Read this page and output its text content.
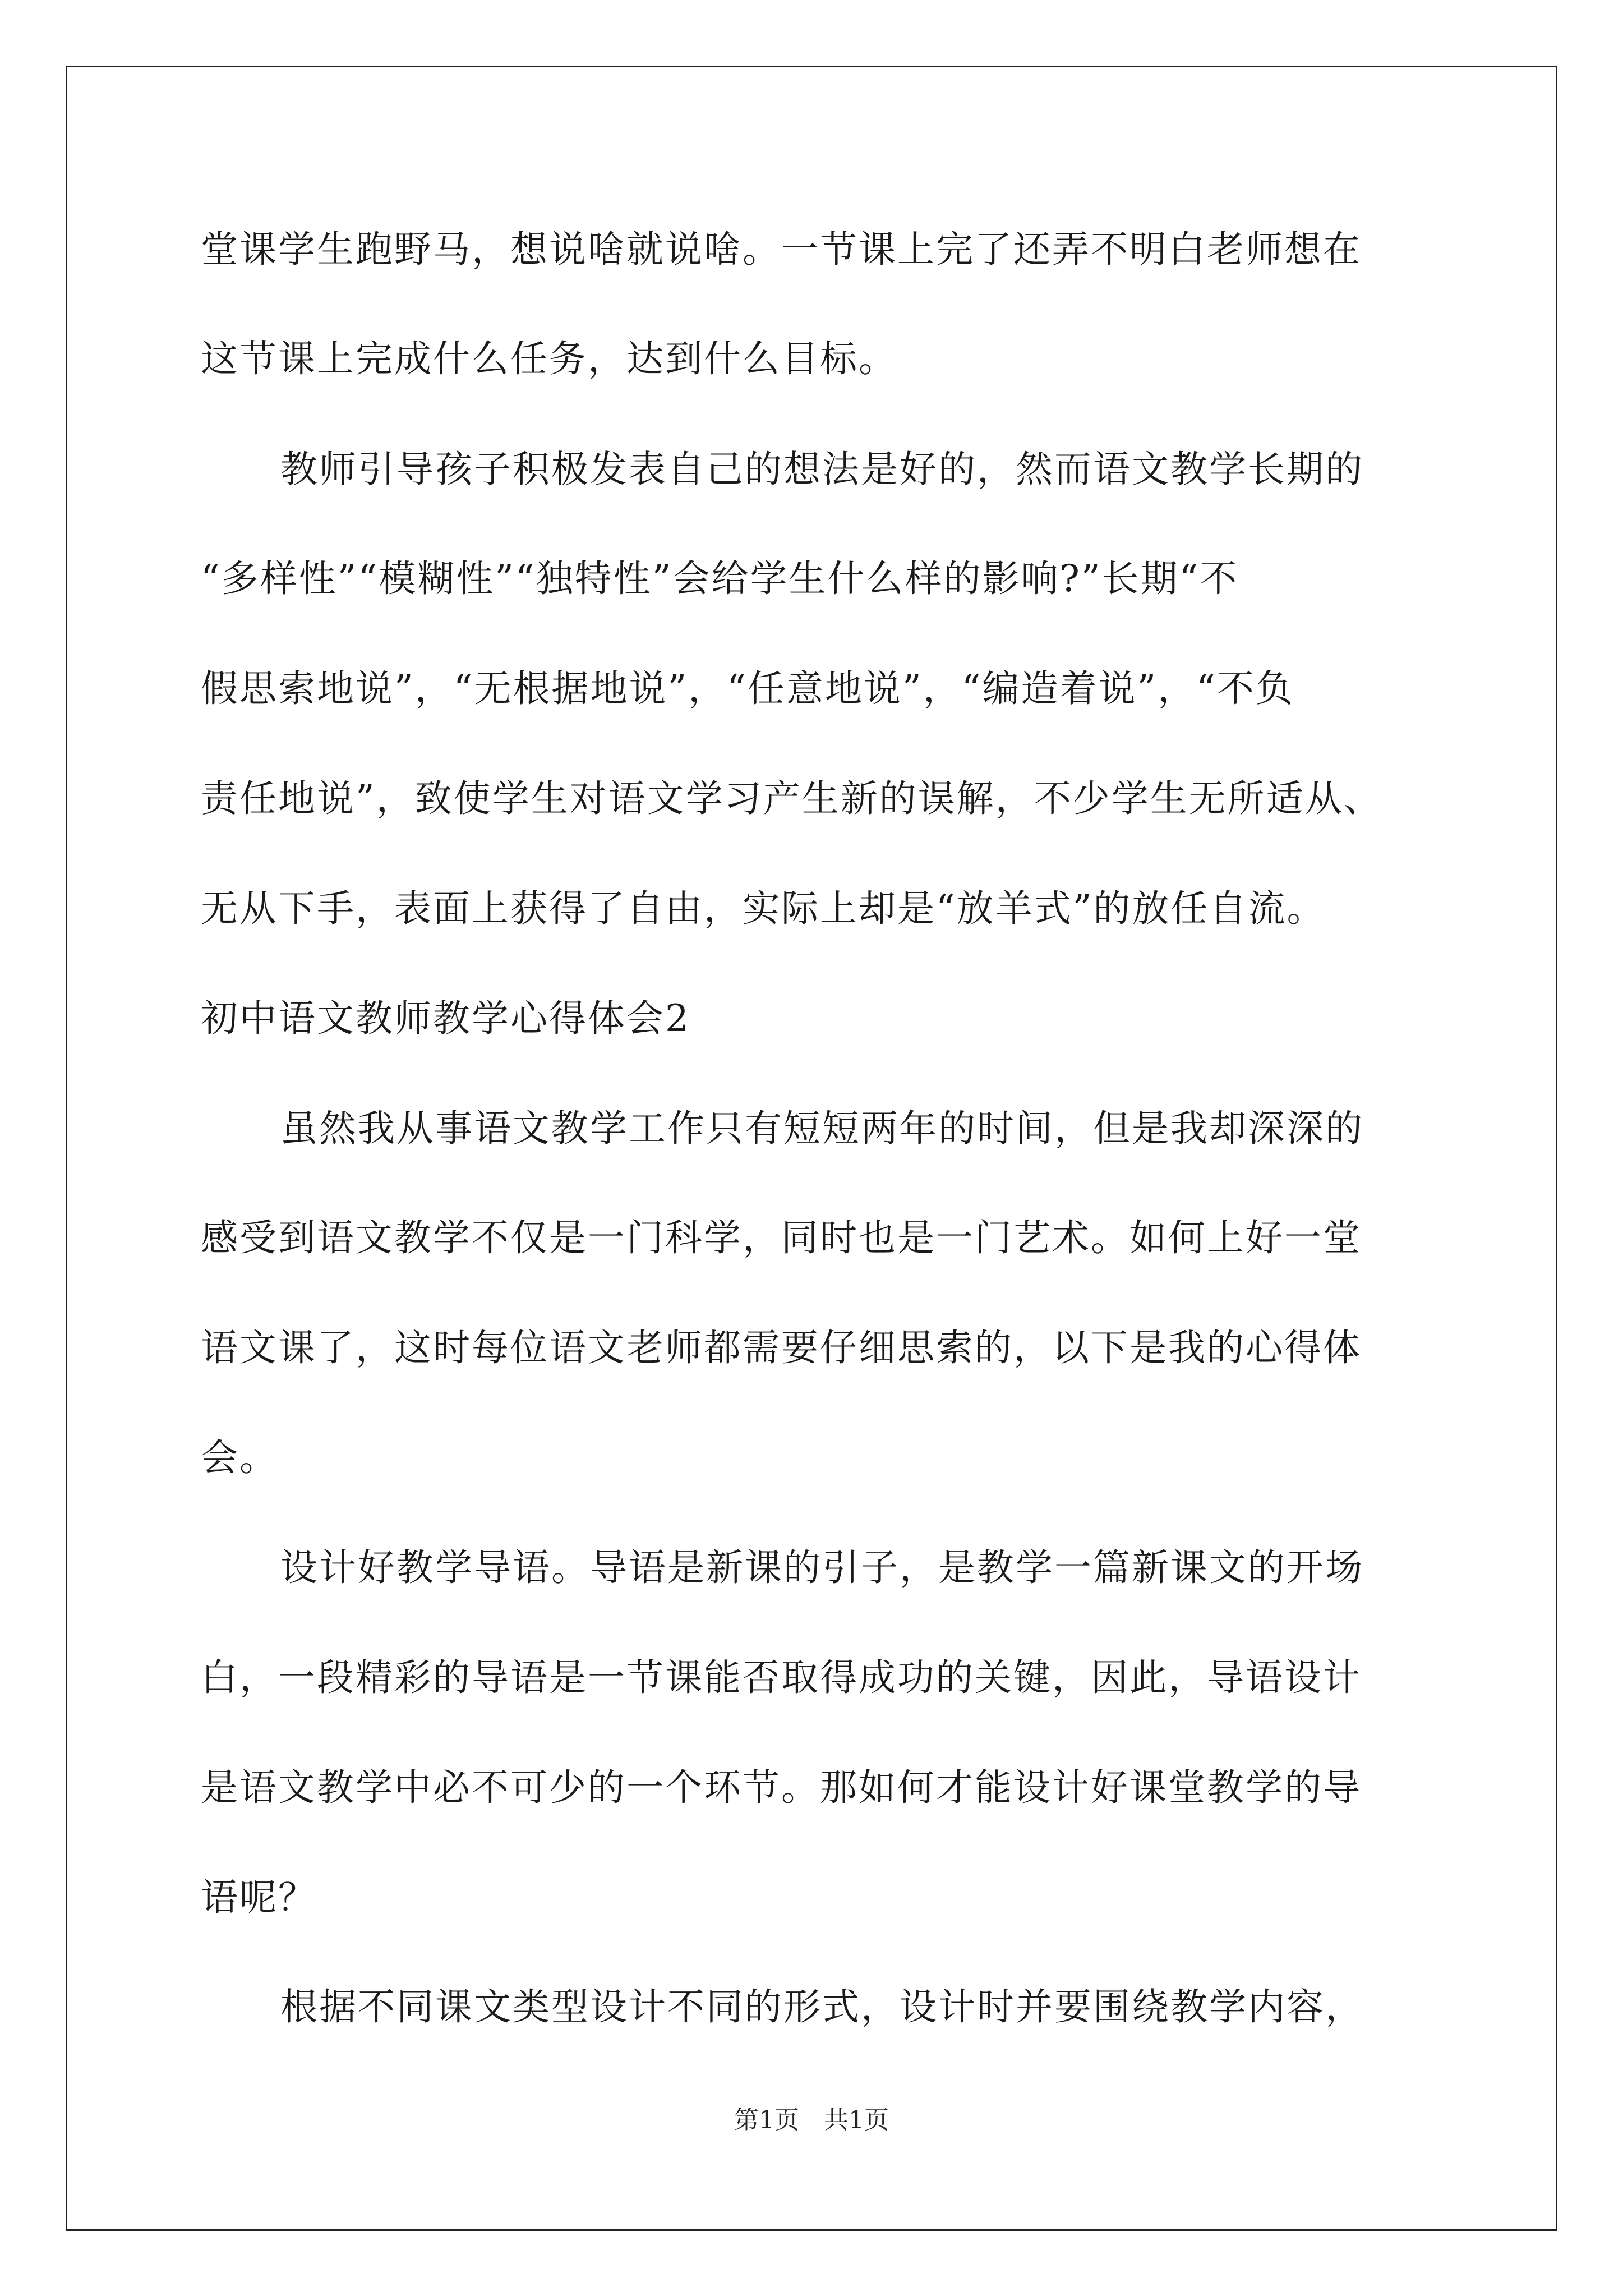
堂课学生跑野马，想说啥就说啥。一节课上完了还弄不明白老师想在
这节课上完成什么任务，达到什么目标。
教师引导孩子积极发表自己的想法是好的，然而语文教学长期的
“多样性”“模糊性”“独特性”会给学生什么样的影响?”长期“不
假思索地说”，“无根据地说”，“任意地说”，“编造着说”，“不负
责任地说”，致使学生对语文学习产生新的误解，不少学生无所适从、
无从下手，表面上获得了自由，实际上却是“放羊式”的放任自流。
初中语文教师教学心得体会2
虽然我从事语文教学工作只有短短两年的时间，但是我却深深的
感受到语文教学不仅是一门科学，同时也是一门艺术。如何上好一堂
语文课了，这时每位语文老师都需要仔细思索的，以下是我的心得体
会。
设计好教学导语。导语是新课的引子，是教学一篇新课文的开场
白，一段精彩的导语是一节课能否取得成功的关键，因此，导语设计
是语文教学中必不可少的一个环节。那如何才能设计好课堂教学的导
语呢？
根据不同课文类型设计不同的形式，设计时并要围绕教学内容，
第1页　共1页
